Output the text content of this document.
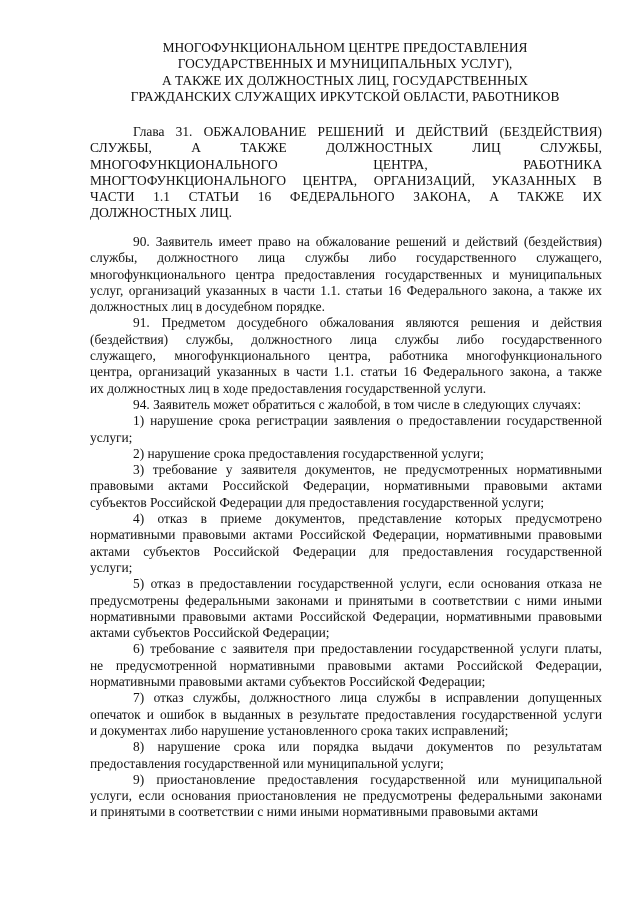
МНОГОФУНКЦИОНАЛЬНОМ ЦЕНТРЕ ПРЕДОСТАВЛЕНИЯ
ГОСУДАРСТВЕННЫХ И МУНИЦИПАЛЬНЫХ УСЛУГ),
А ТАКЖЕ ИХ ДОЛЖНОСТНЫХ ЛИЦ, ГОСУДАРСТВЕННЫХ
ГРАЖДАНСКИХ СЛУЖАЩИХ ИРКУТСКОЙ ОБЛАСТИ, РАБОТНИКОВ
Глава 31. ОБЖАЛОВАНИЕ РЕШЕНИЙ И ДЕЙСТВИЙ (БЕЗДЕЙСТВИЯ)
СЛУЖБЫ, А ТАКЖЕ ДОЛЖНОСТНЫХ ЛИЦ СЛУЖБЫ,
МНОГОФУНКЦИОНАЛЬНОГО ЦЕНТРА, РАБОТНИКА
МНОГТОФУНКЦИОНАЛЬНОГО ЦЕНТРА, ОРГАНИЗАЦИЙ, УКАЗАННЫХ В
ЧАСТИ 1.1 СТАТЬИ 16 ФЕДЕРАЛЬНОГО ЗАКОНА, А ТАКЖЕ ИХ
ДОЛЖНОСТНЫХ ЛИЦ.

90. Заявитель имеет право на обжалование решений и действий (бездействия)
службы, должностного лица службы либо государственного служащего,
многофункционального центра предоставления государственных и муниципальных
услуг, организаций указанных в части 1.1. статьи 16 Федерального закона, а также их
должностных лиц в досудебном порядке.

91. Предметом досудебного обжалования являются решения и действия
(бездействия) службы, должностного лица службы либо государственного
служащего, многофункционального центра, работника многофункционального
центра, организаций указанных в части 1.1. статьи 16 Федерального закона, а также
их должностных лиц в ходе предоставления государственной услуги.

94. Заявитель может обратиться с жалобой, в том числе в следующих случаях:

1) нарушение срока регистрации заявления о предоставлении государственной
услуги;

2) нарушение срока предоставления государственной услуги;

3) требование у заявителя документов, не предусмотренных нормативными
правовыми актами Российской Федерации, нормативными правовыми актами
субъектов Российской Федерации для предоставления государственной услуги;

4) отказ в приеме документов, представление которых предусмотрено
нормативными правовыми актами Российской Федерации, нормативными правовыми
актами субъектов Российской Федерации для предоставления государственной
услуги;

5) отказ в предоставлении государственной услуги, если основания отказа не
предусмотрены федеральными законами и принятыми в соответствии с ними иными
нормативными правовыми актами Российской Федерации, нормативными правовыми
актами субъектов Российской Федерации;

6) требование с заявителя при предоставлении государственной услуги платы,
не предусмотренной нормативными правовыми актами Российской Федерации,
нормативными правовыми актами субъектов Российской Федерации;

7) отказ службы, должностного лица службы в исправлении допущенных
опечаток и ошибок в выданных в результате предоставления государственной услуги
и документах либо нарушение установленного срока таких исправлений;

8) нарушение срока или порядка выдачи документов по результатам
предоставления государственной или муниципальной услуги;

9) приостановление предоставления государственной или муниципальной
услуги, если основания приостановления не предусмотрены федеральными законами
и принятыми в соответствии с ними иными нормативными правовыми актами
